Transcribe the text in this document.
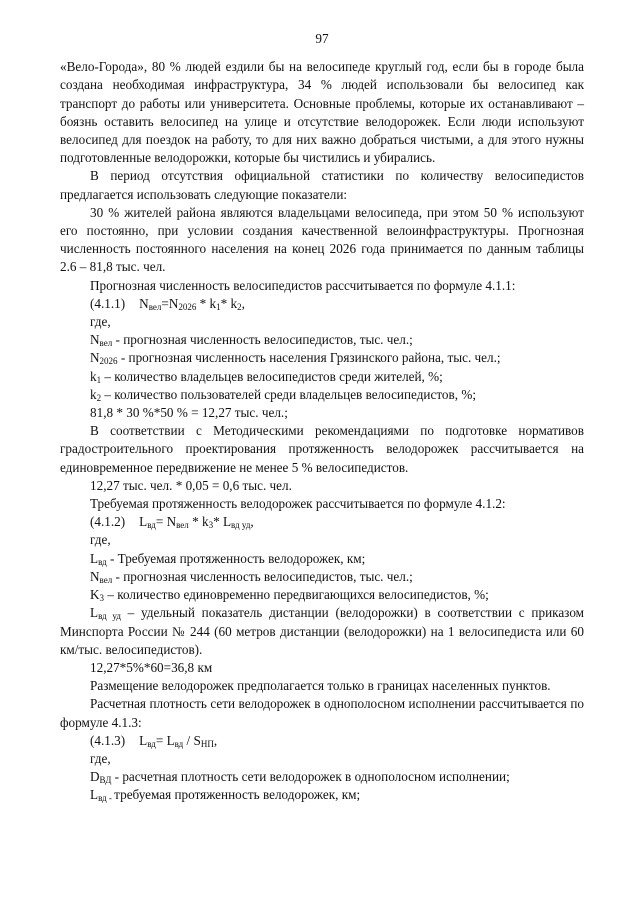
97

«Вело-Города», 80 % людей ездили бы на велосипеде круглый год, если бы в городе была создана необходимая инфраструктура, 34 % людей использовали бы велосипед как транспорт до работы или университета. Основные проблемы, которые их останавливают – боязнь оставить велосипед на улице и отсутствие велодорожек. Если люди используют велосипед для поездок на работу, то для них важно добраться чистыми, а для этого нужны подготовленные велодорожки, которые бы чистились и убирались.

В период отсутствия официальной статистики по количеству велосипедистов предлагается использовать следующие показатели:

30 % жителей района являются владельцами велосипеда, при этом 50 % используют его постоянно, при условии создания качественной велоинфраструктуры. Прогнозная численность постоянного населения на конец 2026 года принимается по данным таблицы 2.6 – 81,8 тыс. чел.

Прогнозная численность велосипедистов рассчитывается по формуле 4.1.1:

(4.1.1) $N_{вел}=N_{2026} * k_1*$ $k_2$,

где,

$N_{вел}$ - прогнозная численность велосипедистов, тыс. чел.;

$N_{2026}$ - прогнозная численность населения Грязинского района, тыс. чел.;

$k_1$ – количество владельцев велосипедистов среди жителей, %;

$k_2$ – количество пользователей среди владельцев велосипедистов, %;

81,8 * 30 %*50 % = 12,27 тыс. чел.;

В соответствии с Методическими рекомендациями по подготовке нормативов градостроительного проектирования протяженность велодорожек рассчитывается на единовременное передвижение не менее 5 % велосипедистов.

12,27 тыс. чел. * 0,05 = 0,6 тыс. чел.

Требуемая протяженность велодорожек рассчитывается по формуле 4.1.2:

(4.1.2) $L_{вд}= N_{вел} * k_3*$ $L_{вд уд}$,

где,

$L_{вд}$ - Требуемая протяженность велодорожек, км;

$N_{вел}$ - прогнозная численность велосипедистов, тыс. чел.;

$K_3$ – количество единовременно передвигающихся велосипедистов, %;

$L_{вд уд}$ – удельный показатель дистанции (велодорожки) в соответствии с приказом Минспорта России № 244 (60 метров дистанции (велодорожки) на 1 велосипедиста или 60 км/тыс. велосипедистов).

12,27*5%*60=36,8 км

Размещение велодорожек предполагается только в границах населенных пунктов.

Расчетная плотность сети велодорожек в однополосном исполнении рассчитывается по формуле 4.1.3:

(4.1.3) $L_{вд}= L_{вд} / S_{НП}$,

где,

$D_{ВД}$ - расчетная плотность сети велодорожек в однополосном исполнении;

$L_{вд -}$ требуемая протяженность велодорожек, км;
